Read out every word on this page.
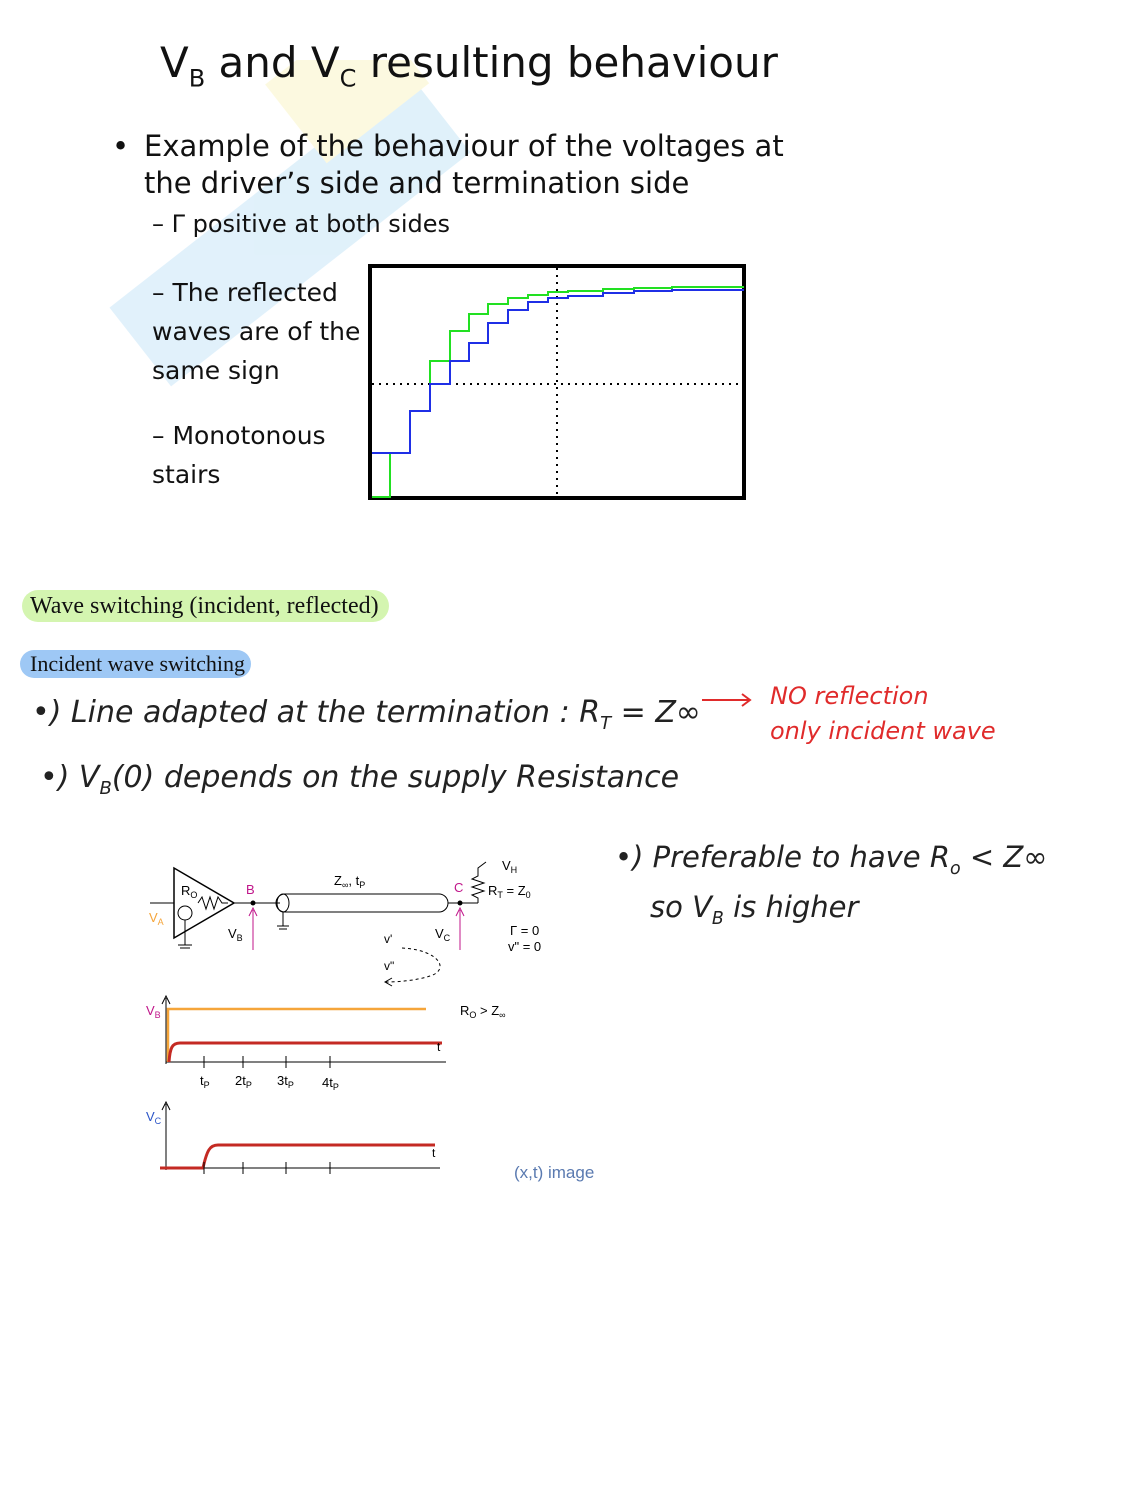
$V_B$ and $V_C$ resulting behaviour
• Example of the behaviour of the voltages at the driver’s side and termination side
– Γ positive at both sides
– The reflected waves are of the same sign
– Monotonous stairs
Wave switching (incident, reflected)
Incident wave switching
•) Line adapted at the termination : $R_T = Z\infty$	NO reflection
only incident wave
•) $V_B(0)$ depends on the supply Resistance
•) Preferable to have $R_o < Z\infty$
so $V_B$ is higher
$R_O$
$V_A$
B
$V_B$
$Z_\infty$, $t_P$	C
$V_H$
$R_T = Z_0$
$V_C$	Γ = 0
v" = 0
v'
v"
$V_B$	$R_O > Z_\infty$
$t_P$ $2t_P$ $3t_P$ $4t_P$
t
$V_C$
t
(x,t) image
